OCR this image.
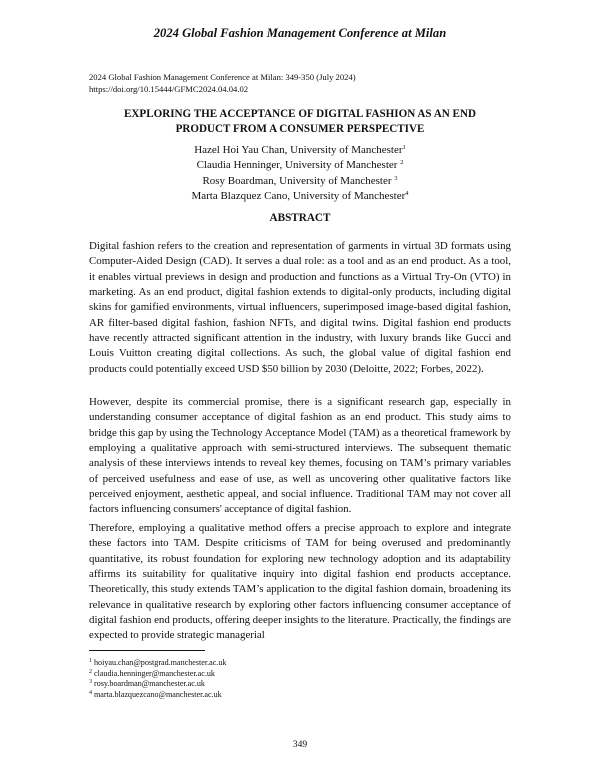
2024 Global Fashion Management Conference at Milan
2024 Global Fashion Management Conference at Milan: 349-350 (July 2024)
https://doi.org/10.15444/GFMC2024.04.04.02
EXPLORING THE ACCEPTANCE OF DIGITAL FASHION AS AN END
PRODUCT FROM A CONSUMER PERSPECTIVE
Hazel Hoi Yau Chan, University of Manchester$^1$
Claudia Henninger, University of Manchester $^2$
Rosy Boardman, University of Manchester $^3$
Marta Blazquez Cano, University of Manchester$^4$
ABSTRACT

Digital fashion refers to the creation and representation of garments in virtual 3D formats using Computer-Aided Design (CAD). It serves a dual role: as a tool and as an end product. As a tool, it enables virtual previews in design and production and functions as a Virtual Try-On (VTO) in marketing. As an end product, digital fashion extends to digital-only products, including digital skins for gamified environments, virtual influencers, superimposed image-based digital fashion, AR filter-based digital fashion, fashion NFTs, and digital twins. Digital fashion end products have recently attracted significant attention in the industry, with luxury brands like Gucci and Louis Vuitton creating digital collections. As such, the global value of digital fashion end products could potentially exceed USD $50 billion by 2030 (Deloitte, 2022; Forbes, 2022).

However, despite its commercial promise, there is a significant research gap, especially in understanding consumer acceptance of digital fashion as an end product. This study aims to bridge this gap by using the Technology Acceptance Model (TAM) as a theoretical framework by employing a qualitative approach with semi-structured interviews. The subsequent thematic analysis of these interviews intends to reveal key themes, focusing on TAM’s primary variables of perceived usefulness and ease of use, as well as uncovering other qualitative factors like perceived enjoyment, aesthetic appeal, and social influence. Traditional TAM may not cover all factors influencing consumers' acceptance of digital fashion.

Therefore, employing a qualitative method offers a precise approach to explore and integrate these factors into TAM. Despite criticisms of TAM for being overused and predominantly quantitative, its robust foundation for exploring new technology adoption and its adaptability affirms its suitability for qualitative inquiry into digital fashion end products acceptance. Theoretically, this study extends TAM’s application to the digital fashion domain, broadening its relevance in qualitative research by exploring other factors influencing consumer acceptance of digital fashion end products, offering deeper insights to the literature. Practically, the findings are expected to provide strategic managerial

$^1$ hoiyau.chan@postgrad.manchester.ac.uk
$^2$ claudia.henninger@manchester.ac.uk
$^3$ rosy.boardman@manchester.ac.uk
$^4$ marta.blazquezcano@manchester.ac.uk
349
